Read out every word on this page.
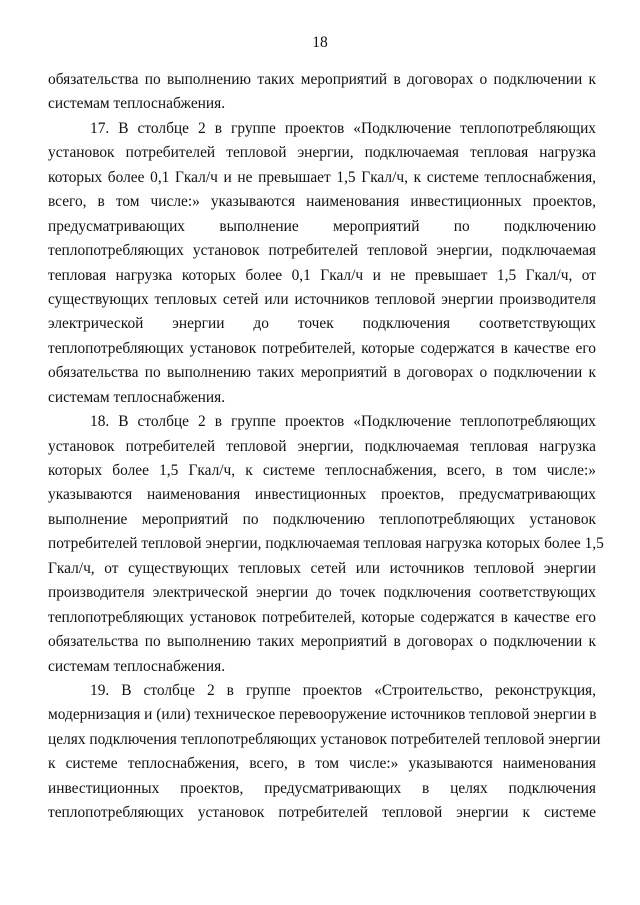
18
обязательства по выполнению таких мероприятий в договорах о подключении к
системам теплоснабжения.
17. В столбце 2 в группе проектов «Подключение теплопотребляющих
установок потребителей тепловой энергии, подключаемая тепловая нагрузка
которых более 0,1 Гкал/ч и не превышает 1,5 Гкал/ч, к системе теплоснабжения,
всего, в том числе:» указываются наименования инвестиционных проектов,
предусматривающих выполнение мероприятий по подключению
теплопотребляющих установок потребителей тепловой энергии, подключаемая
тепловая нагрузка которых более 0,1 Гкал/ч и не превышает 1,5 Гкал/ч, от
существующих тепловых сетей или источников тепловой энергии производителя
электрической энергии до точек подключения соответствующих
теплопотребляющих установок потребителей, которые содержатся в качестве его
обязательства по выполнению таких мероприятий в договорах о подключении к
системам теплоснабжения.
18. В столбце 2 в группе проектов «Подключение теплопотребляющих
установок потребителей тепловой энергии, подключаемая тепловая нагрузка
которых более 1,5 Гкал/ч, к системе теплоснабжения, всего, в том числе:»
указываются наименования инвестиционных проектов, предусматривающих
выполнение мероприятий по подключению теплопотребляющих установок
потребителей тепловой энергии, подключаемая тепловая нагрузка которых более 1,5
Гкал/ч, от существующих тепловых сетей или источников тепловой энергии
производителя электрической энергии до точек подключения соответствующих
теплопотребляющих установок потребителей, которые содержатся в качестве его
обязательства по выполнению таких мероприятий в договорах о подключении к
системам теплоснабжения.
19. В столбце 2 в группе проектов «Строительство, реконструкция,
модернизация и (или) техническое перевооружение источников тепловой энергии в
целях подключения теплопотребляющих установок потребителей тепловой энергии
к системе теплоснабжения, всего, в том числе:» указываются наименования
инвестиционных проектов, предусматривающих в целях подключения
теплопотребляющих установок потребителей тепловой энергии к системе
